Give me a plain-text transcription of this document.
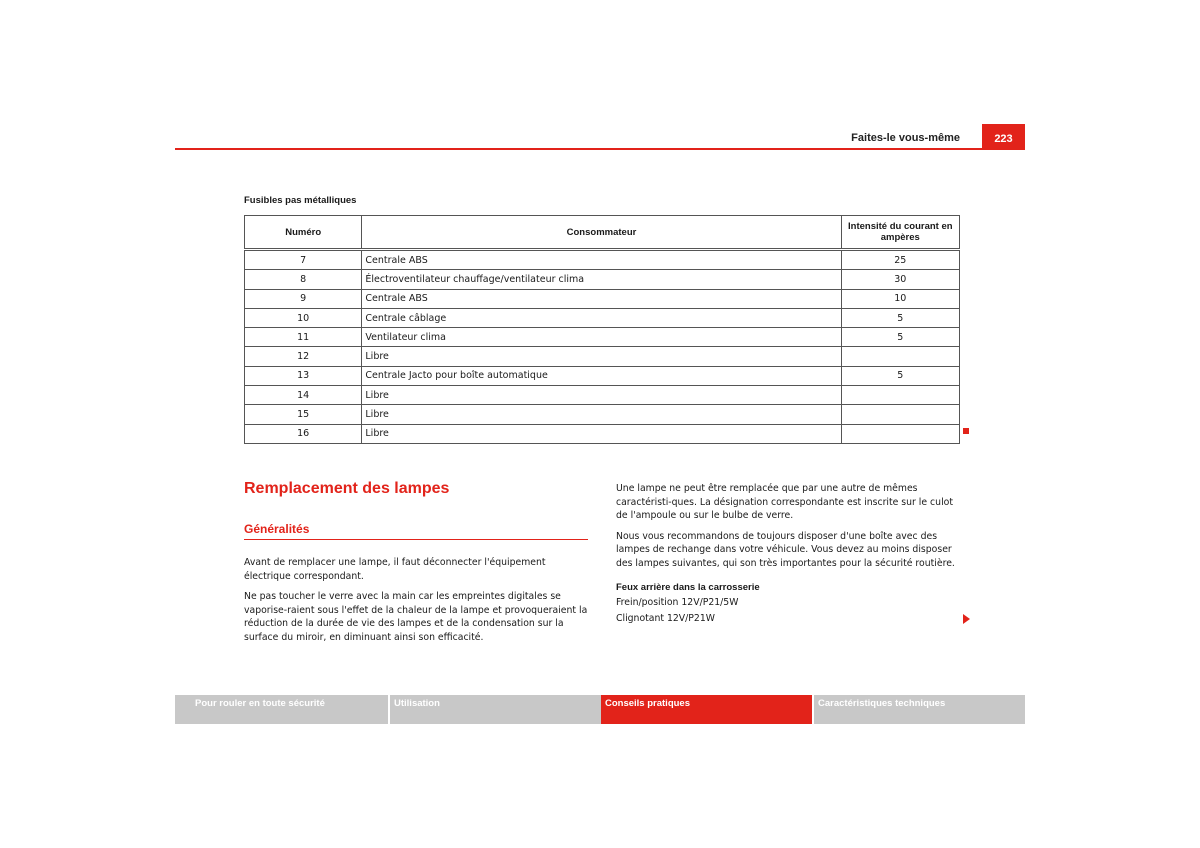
Faites-le vous-même	223
Fusibles pas métalliques
Numéro	Consommateur	Intensité du courant en ampères
7	Centrale ABS	25
8	Électroventilateur chauffage/ventilateur clima	30
9	Centrale ABS	10
10	Centrale câblage	5
11	Ventilateur clima	5
12	Libre	
13	Centrale Jacto pour boîte automatique	5
14	Libre	
15	Libre	
16	Libre	
Remplacement des lampes
Généralités

Avant de remplacer une lampe, il faut déconnecter l'équipement électrique correspondant.

Ne pas toucher le verre avec la main car les empreintes digitales se vaporise-raient sous l'effet de la chaleur de la lampe et provoqueraient la réduction de la durée de vie des lampes et de la condensation sur la surface du miroir, en diminuant ainsi son efficacité.

Une lampe ne peut être remplacée que par une autre de mêmes caractéristi-ques. La désignation correspondante est inscrite sur le culot de l'ampoule ou sur le bulbe de verre.

Nous vous recommandons de toujours disposer d'une boîte avec des lampes de rechange dans votre véhicule. Vous devez au moins disposer des lampes suivantes, qui son très importantes pour la sécurité routière.

Feux arrière dans la carrosserie

Frein/position 12V/P21/5W

Clignotant 12V/P21W

Pour rouler en toute sécurité	Utilisation	Conseils pratiques	Caractéristiques techniques
